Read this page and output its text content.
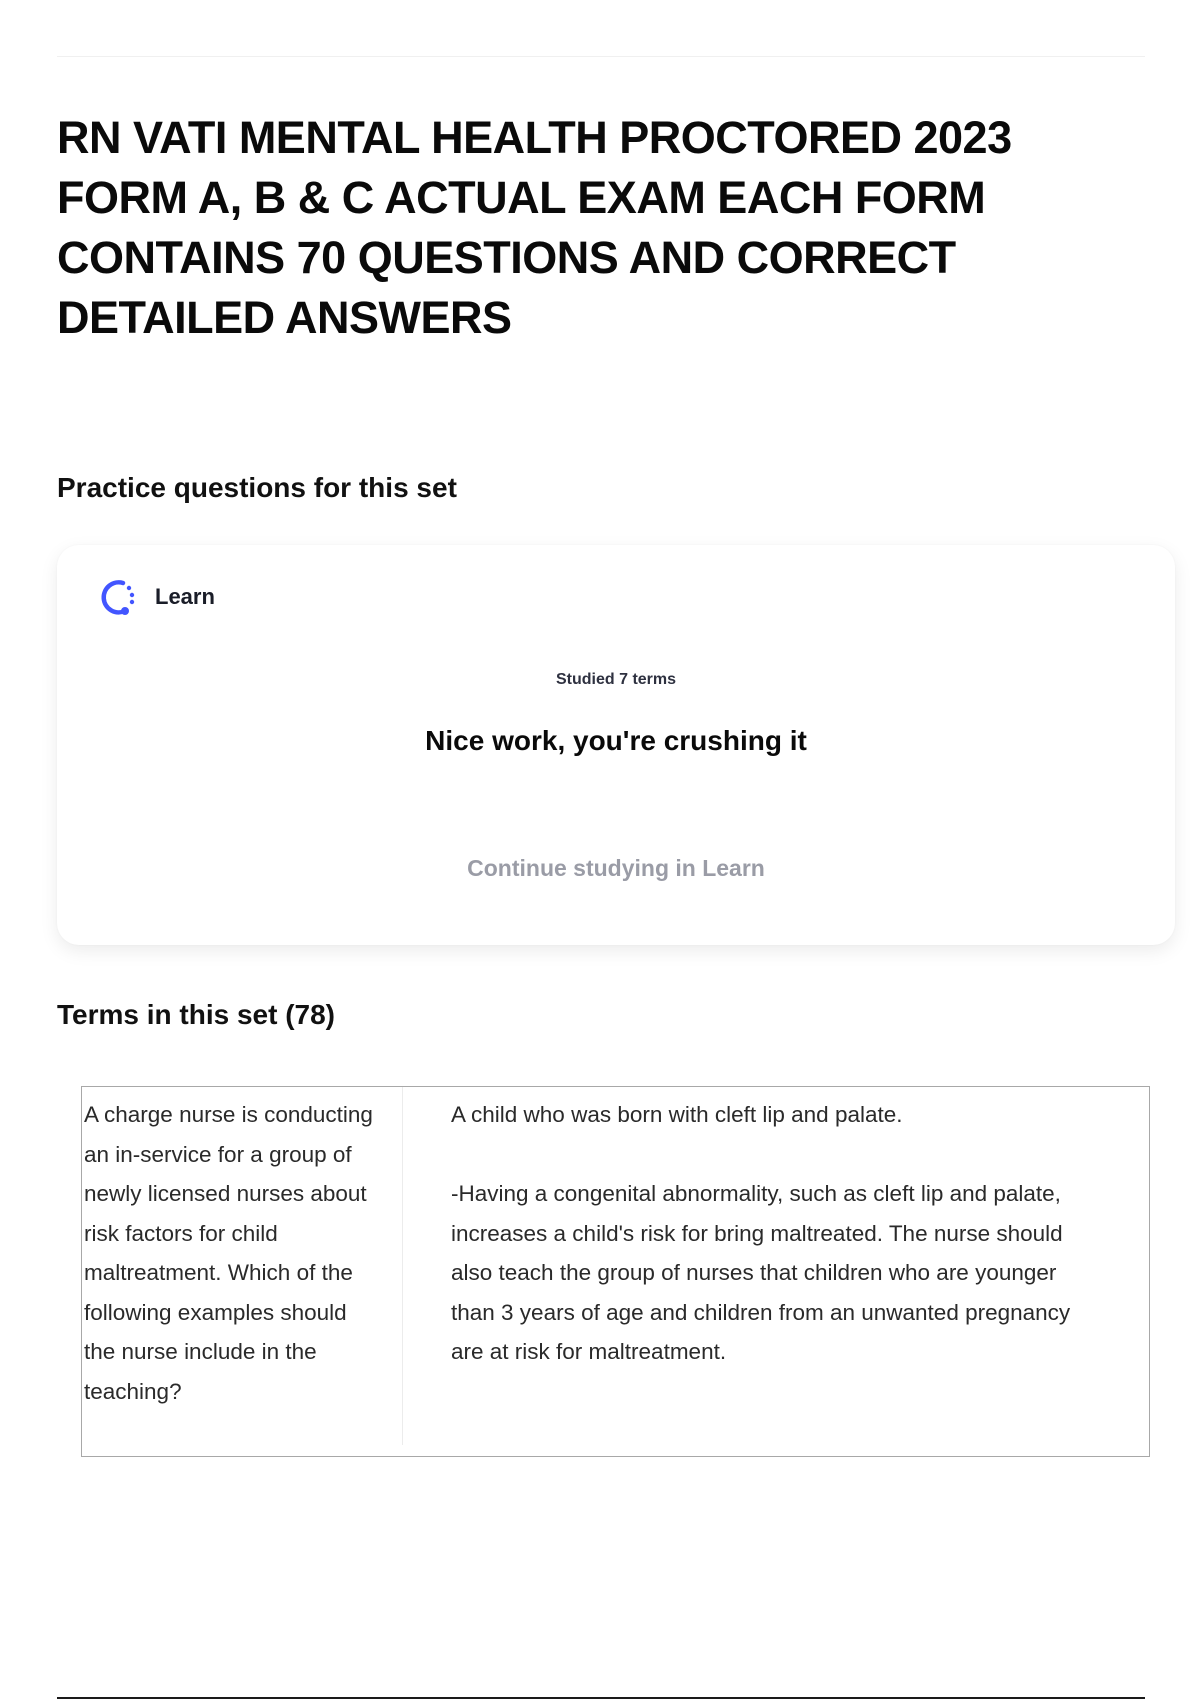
RN VATI MENTAL HEALTH PROCTORED 2023 FORM A, B & C ACTUAL EXAM EACH FORM CONTAINS 70 QUESTIONS AND CORRECT DETAILED ANSWERS
Practice questions for this set
Learn
Studied 7 terms
Nice work, you're crushing it
Continue studying in Learn
Terms in this set (78)
A charge nurse is conducting an in-service for a group of newly licensed nurses about risk factors for child maltreatment. Which of the following examples should the nurse include in the teaching?
A child who was born with cleft lip and palate.
-Having a congenital abnormality, such as cleft lip and palate, increases a child's risk for bring maltreated. The nurse should also teach the group of nurses that children who are younger than 3 years of age and children from an unwanted pregnancy are at risk for maltreatment.
